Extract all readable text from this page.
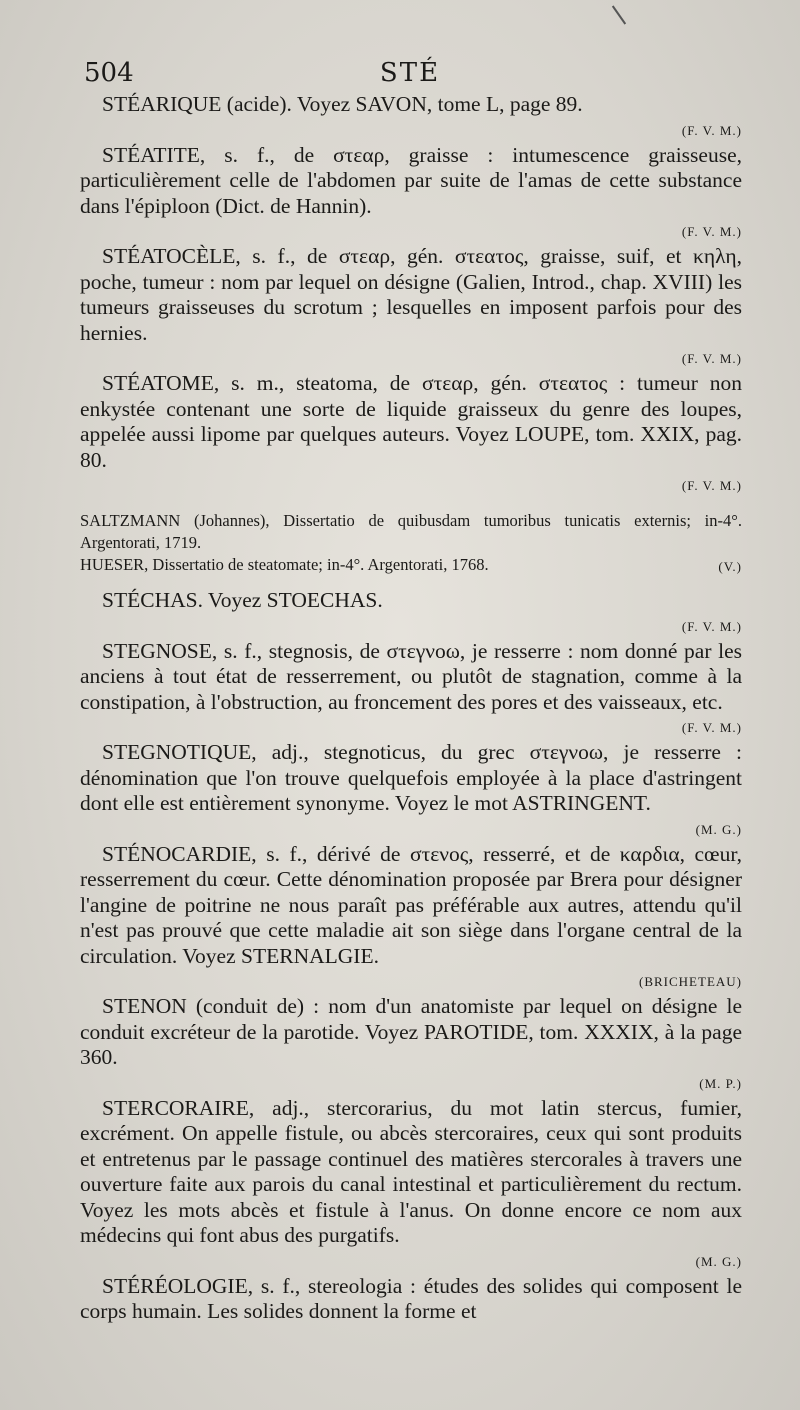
504	STÉ

STÉARIQUE (acide). Voyez SAVON, tome L, page 89.

(F. V. M.)

STÉATITE, s. f., de στεαρ, graisse : intumescence graisseuse, particulièrement celle de l'abdomen par suite de l'amas de cette substance dans l'épiploon (Dict. de Hannin).

(F. V. M.)

STÉATOCÈLE, s. f., de στεαρ, gén. στεατος, graisse, suif, et κηλη, poche, tumeur : nom par lequel on désigne (Galien, Introd., chap. XVIII) les tumeurs graisseuses du scrotum ; lesquelles en imposent parfois pour des hernies.

(F. V. M.)

STÉATOME, s. m., steatoma, de στεαρ, gén. στεατος : tumeur non enkystée contenant une sorte de liquide graisseux du genre des loupes, appelée aussi lipome par quelques auteurs. Voyez LOUPE, tom. XXIX, pag. 80.

(F. V. M.)
SALTZMANN (Johannes), Dissertatio de quibusdam tumoribus tunicatis externis; in-4°. Argentorati, 1719.
HUESER, Dissertatio de steatomate; in-4°. Argentorati, 1768.	(V.)

STÉCHAS. Voyez STOECHAS.

(F. V. M.)

STEGNOSE, s. f., stegnosis, de στεγνοω, je resserre : nom donné par les anciens à tout état de resserrement, ou plutôt de stagnation, comme à la constipation, à l'obstruction, au froncement des pores et des vaisseaux, etc.

(F. V. M.)

STEGNOTIQUE, adj., stegnoticus, du grec στεγνοω, je resserre : dénomination que l'on trouve quelquefois employée à la place d'astringent dont elle est entièrement synonyme. Voyez le mot ASTRINGENT.

(M. G.)

STÉNOCARDIE, s. f., dérivé de στενος, resserré, et de καρδια, cœur, resserrement du cœur. Cette dénomination proposée par Brera pour désigner l'angine de poitrine ne nous paraît pas préférable aux autres, attendu qu'il n'est pas prouvé que cette maladie ait son siège dans l'organe central de la circulation. Voyez STERNALGIE.

(BRICHETEAU)

STENON (conduit de) : nom d'un anatomiste par lequel on désigne le conduit excréteur de la parotide. Voyez PAROTIDE, tom. XXXIX, à la page 360.

(M. P.)

STERCORAIRE, adj., stercorarius, du mot latin stercus, fumier, excrément. On appelle fistule, ou abcès stercoraires, ceux qui sont produits et entretenus par le passage continuel des matières stercorales à travers une ouverture faite aux parois du canal intestinal et particulièrement du rectum. Voyez les mots abcès et fistule à l'anus. On donne encore ce nom aux médecins qui font abus des purgatifs.

(M. G.)

STÉRÉOLOGIE, s. f., stereologia : études des solides qui composent le corps humain. Les solides donnent la forme et
